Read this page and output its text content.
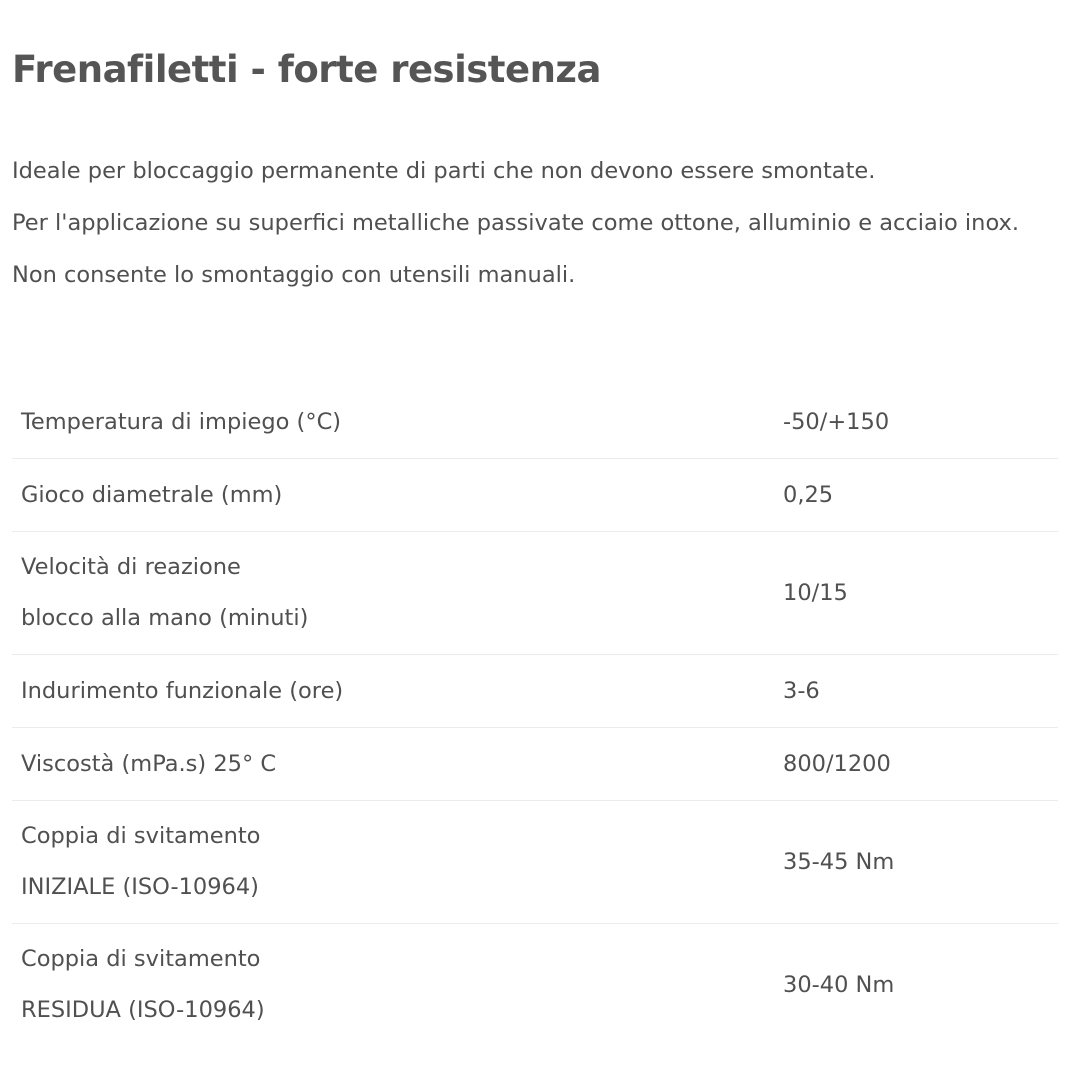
Frenafiletti - forte resistenza

Ideale per bloccaggio permanente di parti che non devono essere smontate.

Per l'applicazione su superfici metalliche passivate come ottone, alluminio e acciaio inox.

Non consente lo smontaggio con utensili manuali.

Temperatura di impiego (°C)	-50/+150

Gioco diametrale (mm)	0,25

Velocità di reazione
blocco alla mano (minuti)	10/15

Indurimento funzionale (ore)	3-6

Viscostà (mPa.s) 25° C	800/1200

Coppia di svitamento
INIZIALE (ISO-10964)	35-45 Nm

Coppia di svitamento
RESIDUA (ISO-10964)	30-40 Nm
